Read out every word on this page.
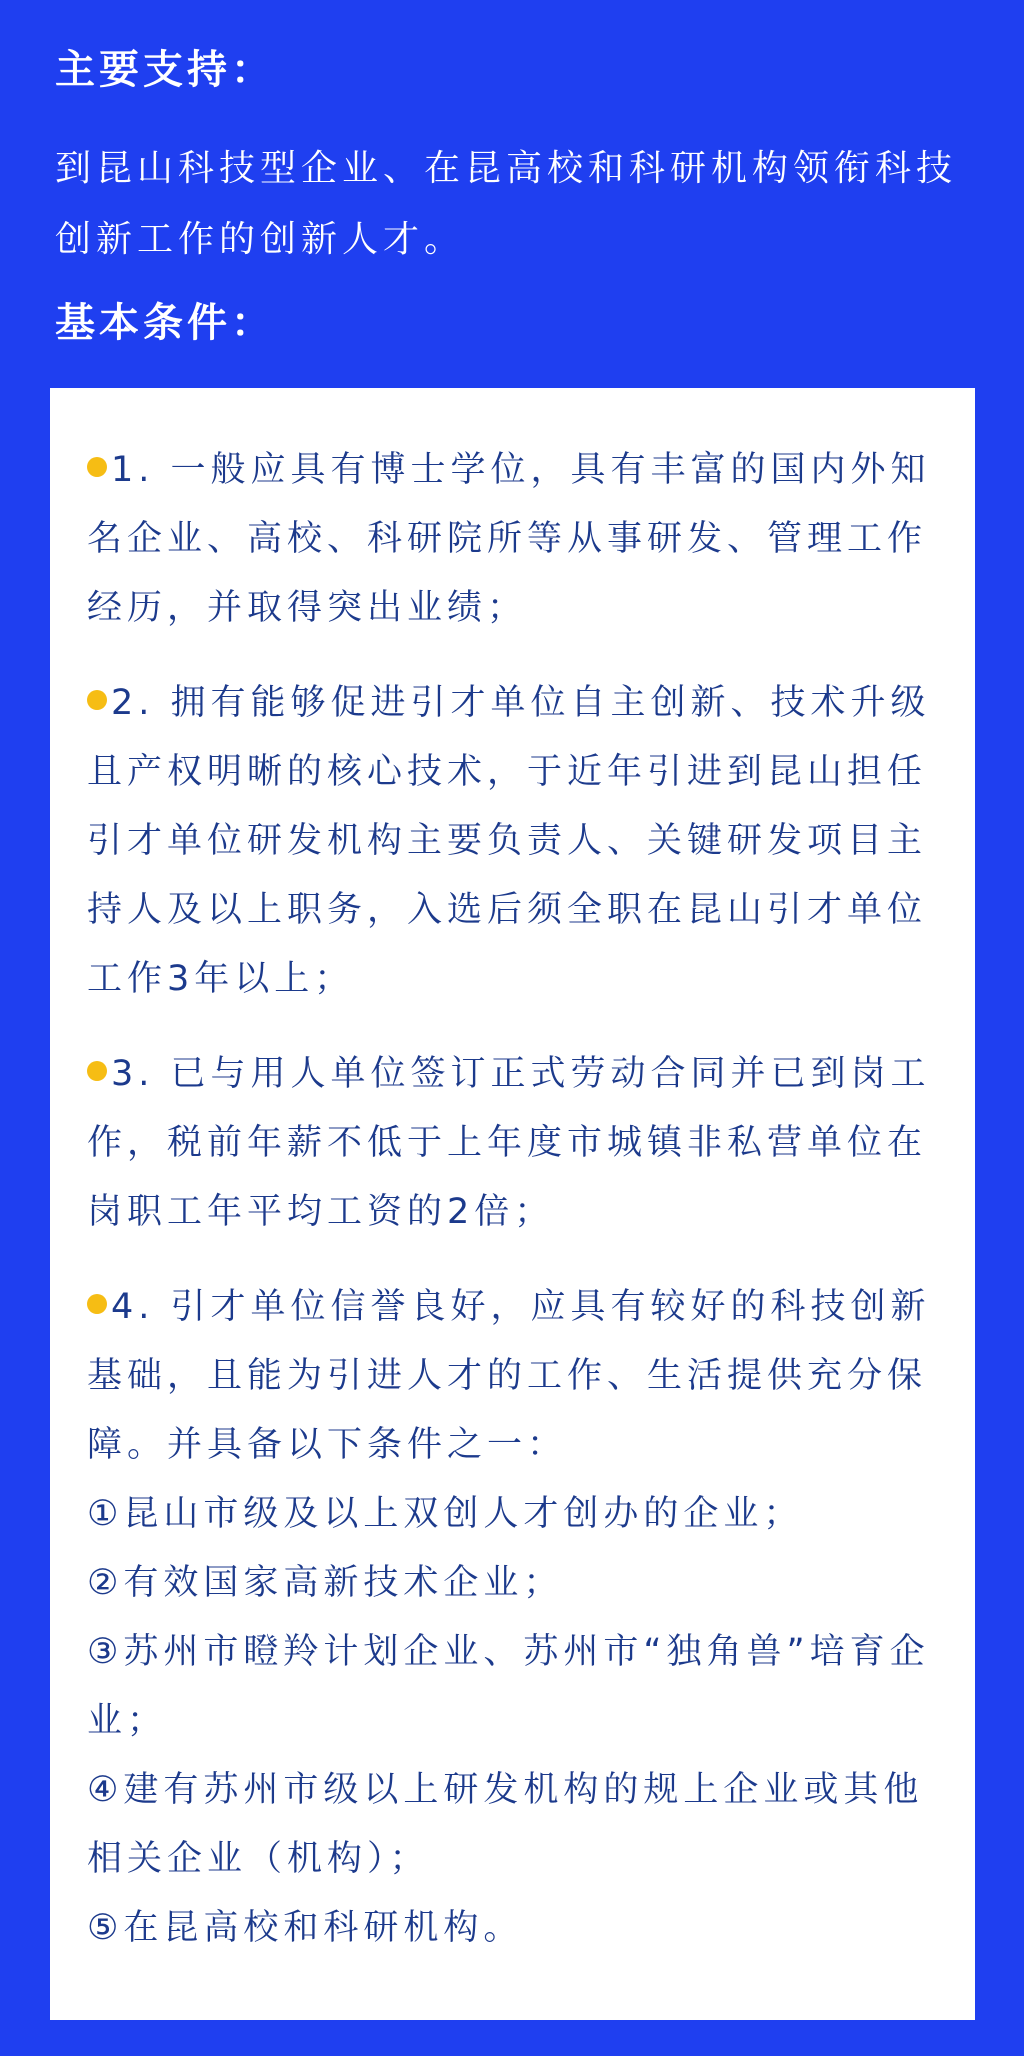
主要支持：

到昆山科技型企业、在昆高校和科研机构领衔科技创新工作的创新人才。

基本条件：

1. 一般应具有博士学位，具有丰富的国内外知名企业、高校、科研院所等从事研发、管理工作经历，并取得突出业绩；

2. 拥有能够促进引才单位自主创新、技术升级且产权明晰的核心技术，于近年引进到昆山担任引才单位研发机构主要负责人、关键研发项目主持人及以上职务，入选后须全职在昆山引才单位工作3年以上；

3. 已与用人单位签订正式劳动合同并已到岗工作，税前年薪不低于上年度市城镇非私营单位在岗职工年平均工资的2倍；

4. 引才单位信誉良好，应具有较好的科技创新基础，且能为引进人才的工作、生活提供充分保障。并具备以下条件之一：

①昆山市级及以上双创人才创办的企业；
②有效国家高新技术企业；
③苏州市瞪羚计划企业、苏州市“独角兽”培育企业；
④建有苏州市级以上研发机构的规上企业或其他相关企业（机构）；
⑤在昆高校和科研机构。
